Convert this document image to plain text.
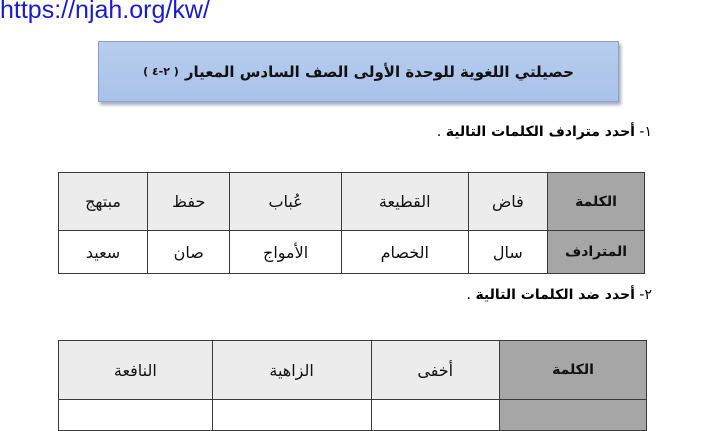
https://njah.org/kw/
حصيلتي اللغوية للوحدة الأولى الصف السادس المعيار
( ٢-٤ )
١- أحدد مترادف الكلمات التالية .
الكلمة	فاض	القطيعة	عُباب	حفظ	مبتهج
المترادف	سال	الخصام	الأمواج	صان	سعيد
٢- أحدد ضد الكلمات التالية .
الكلمة	أخفى	الزاهية	النافعة
